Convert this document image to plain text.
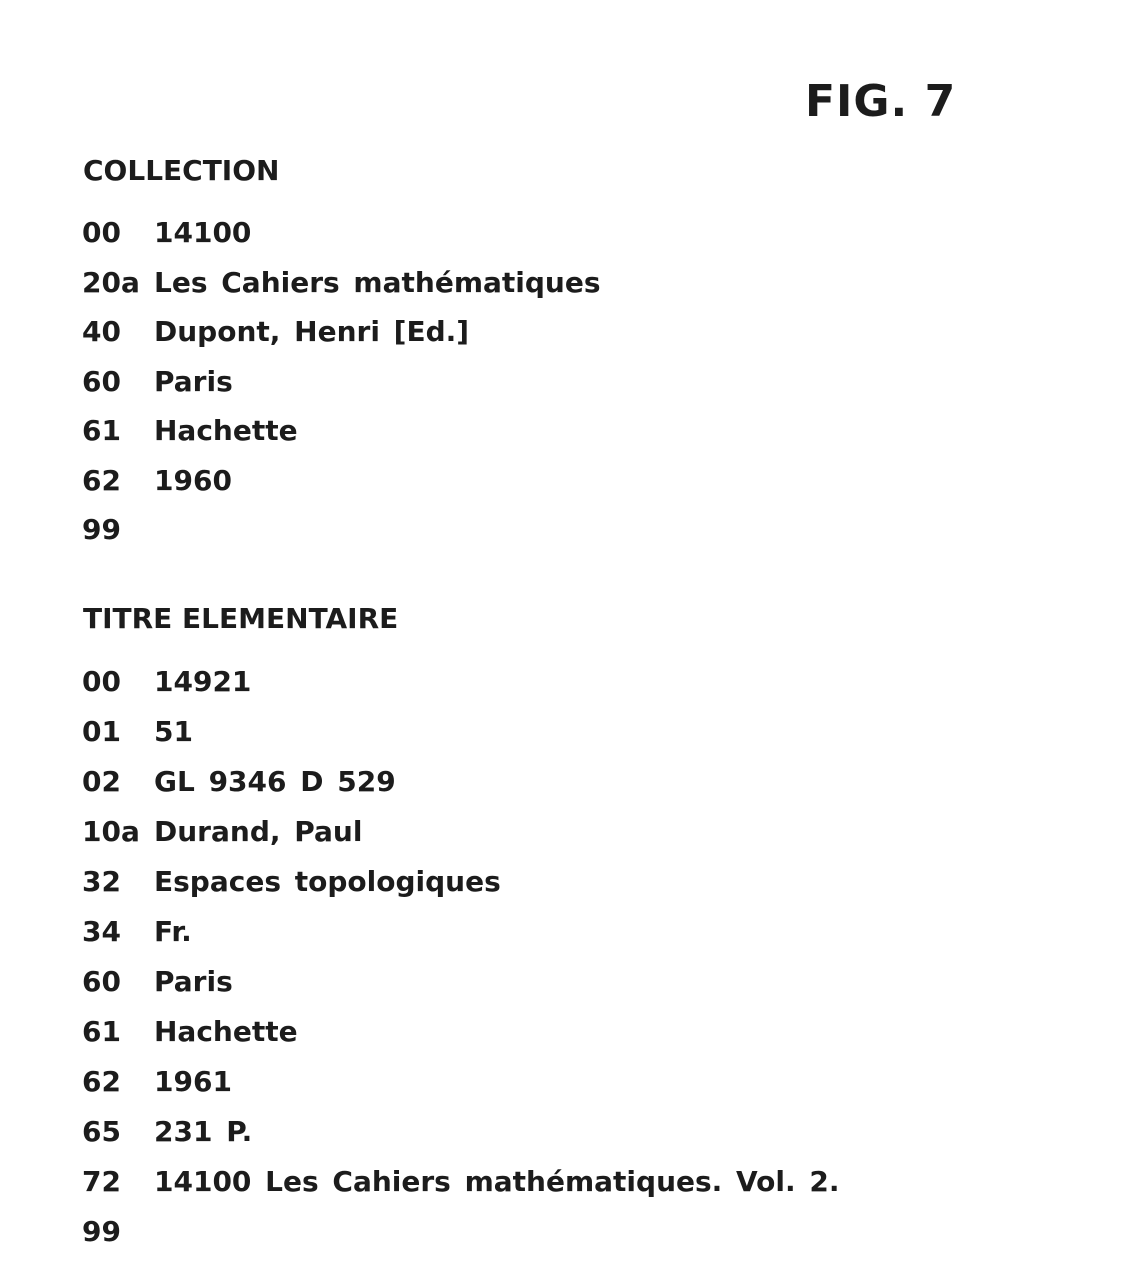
FIG. 7
COLLECTION
00	14100
20a Les Cahiers mathématiques
40	Dupont, Henri [Ed.]
60	Paris
61	Hachette
62	1960
99
TITRE ELEMENTAIRE
00	14921
01	51
02	GL 9346 D 529
10a Durand, Paul
32	Espaces topologiques
34	Fr.
60	Paris
61	Hachette
62	1961
65	231 P.
72	14100 Les Cahiers mathématiques. Vol. 2.
99
